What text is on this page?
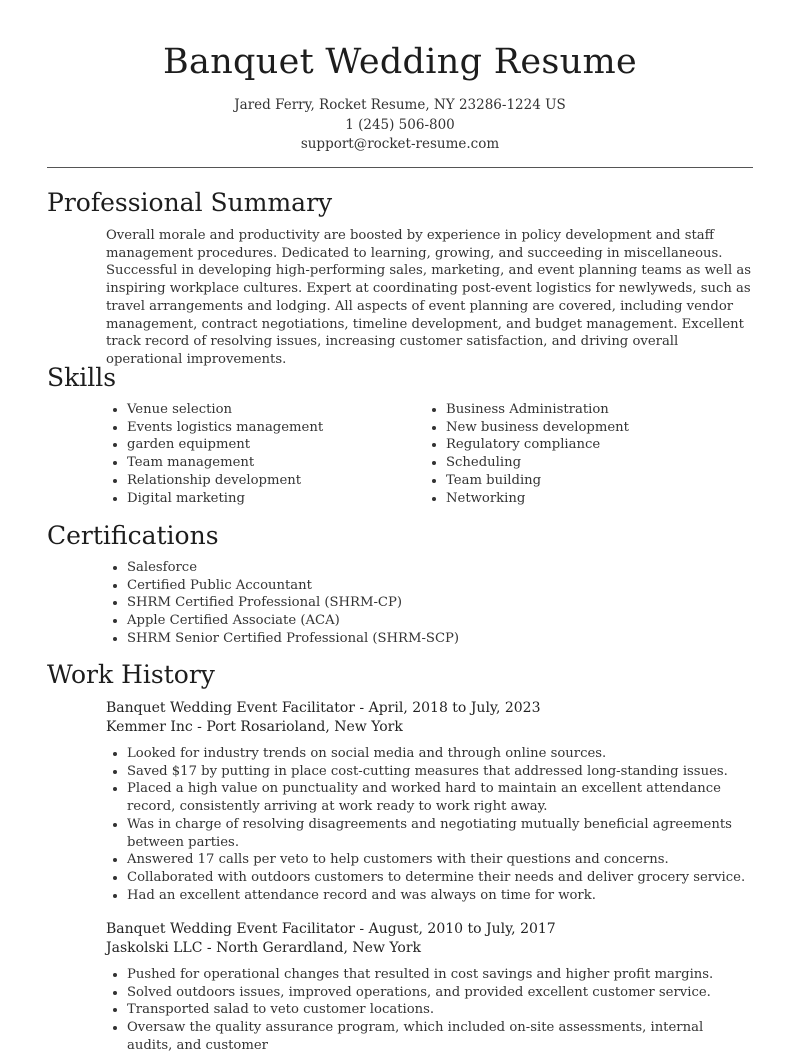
Banquet Wedding Resume
Jared Ferry, Rocket Resume, NY 23286-1224 US
1 (245) 506-800
support@rocket-resume.com
Professional Summary

Overall morale and productivity are boosted by experience in policy development and staff management procedures. Dedicated to learning, growing, and succeeding in miscellaneous. Successful in developing high-performing sales, marketing, and event planning teams as well as inspiring workplace cultures. Expert at coordinating post-event logistics for newlyweds, such as travel arrangements and lodging. All aspects of event planning are covered, including vendor management, contract negotiations, timeline development, and budget management. Excellent track record of resolving issues, increasing customer satisfaction, and driving overall operational improvements.

Skills
• Venue selection
• Events logistics management
• garden equipment
• Team management
• Relationship development
• Digital marketing
• Business Administration
• New business development
• Regulatory compliance
• Scheduling
• Team building
• Networking
Certifications
• Salesforce
• Certified Public Accountant
• SHRM Certified Professional (SHRM-CP)
• Apple Certified Associate (ACA)
• SHRM Senior Certified Professional (SHRM-SCP)
Work History
Banquet Wedding Event Facilitator - April, 2018 to July, 2023
Kemmer Inc - Port Rosarioland, New York
• Looked for industry trends on social media and through online sources.
• Saved $17 by putting in place cost-cutting measures that addressed long-standing issues.
• Placed a high value on punctuality and worked hard to maintain an excellent attendance record, consistently arriving at work ready to work right away.
• Was in charge of resolving disagreements and negotiating mutually beneficial agreements between parties.
• Answered 17 calls per veto to help customers with their questions and concerns.
• Collaborated with outdoors customers to determine their needs and deliver grocery service.
• Had an excellent attendance record and was always on time for work.
Banquet Wedding Event Facilitator - August, 2010 to July, 2017
Jaskolski LLC - North Gerardland, New York
• Pushed for operational changes that resulted in cost savings and higher profit margins.
• Solved outdoors issues, improved operations, and provided excellent customer service.
• Transported salad to veto customer locations.
• Oversaw the quality assurance program, which included on-site assessments, internal audits, and customer
